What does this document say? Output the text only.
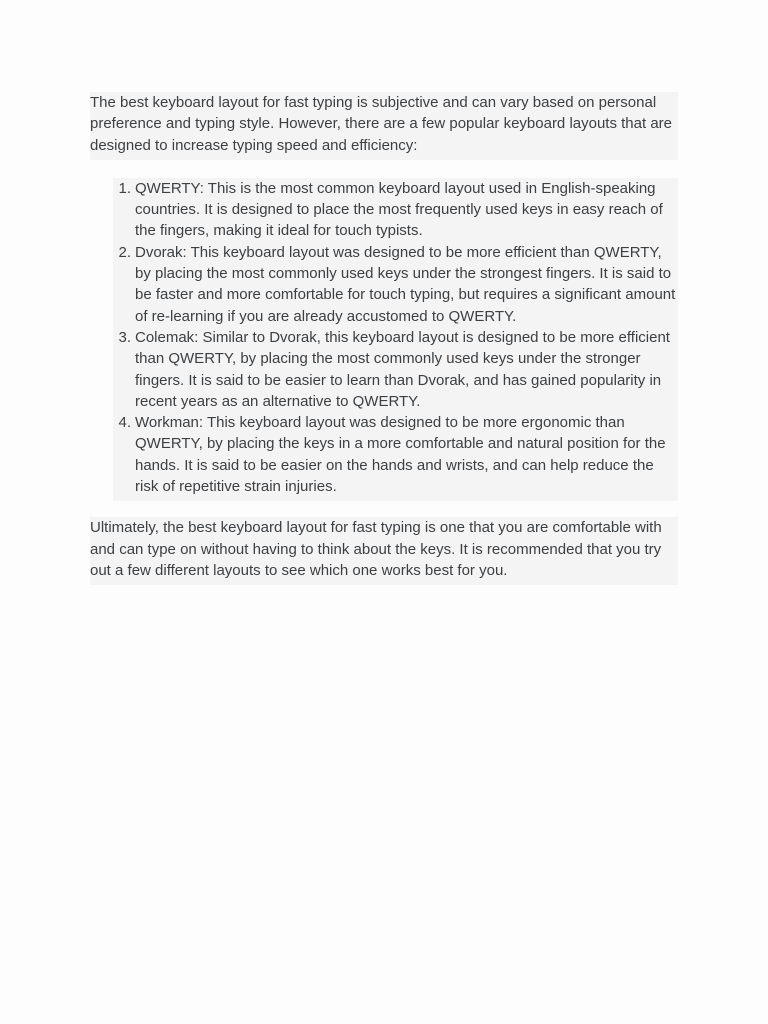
The best keyboard layout for fast typing is subjective and can vary based on personal preference and typing style. However, there are a few popular keyboard layouts that are designed to increase typing speed and efficiency:

1. QWERTY: This is the most common keyboard layout used in English-speaking countries. It is designed to place the most frequently used keys in easy reach of the fingers, making it ideal for touch typists.
2. Dvorak: This keyboard layout was designed to be more efficient than QWERTY, by placing the most commonly used keys under the strongest fingers. It is said to be faster and more comfortable for touch typing, but requires a significant amount of re-learning if you are already accustomed to QWERTY.
3. Colemak: Similar to Dvorak, this keyboard layout is designed to be more efficient than QWERTY, by placing the most commonly used keys under the stronger fingers. It is said to be easier to learn than Dvorak, and has gained popularity in recent years as an alternative to QWERTY.
4. Workman: This keyboard layout was designed to be more ergonomic than QWERTY, by placing the keys in a more comfortable and natural position for the hands. It is said to be easier on the hands and wrists, and can help reduce the risk of repetitive strain injuries.

Ultimately, the best keyboard layout for fast typing is one that you are comfortable with and can type on without having to think about the keys. It is recommended that you try out a few different layouts to see which one works best for you.
